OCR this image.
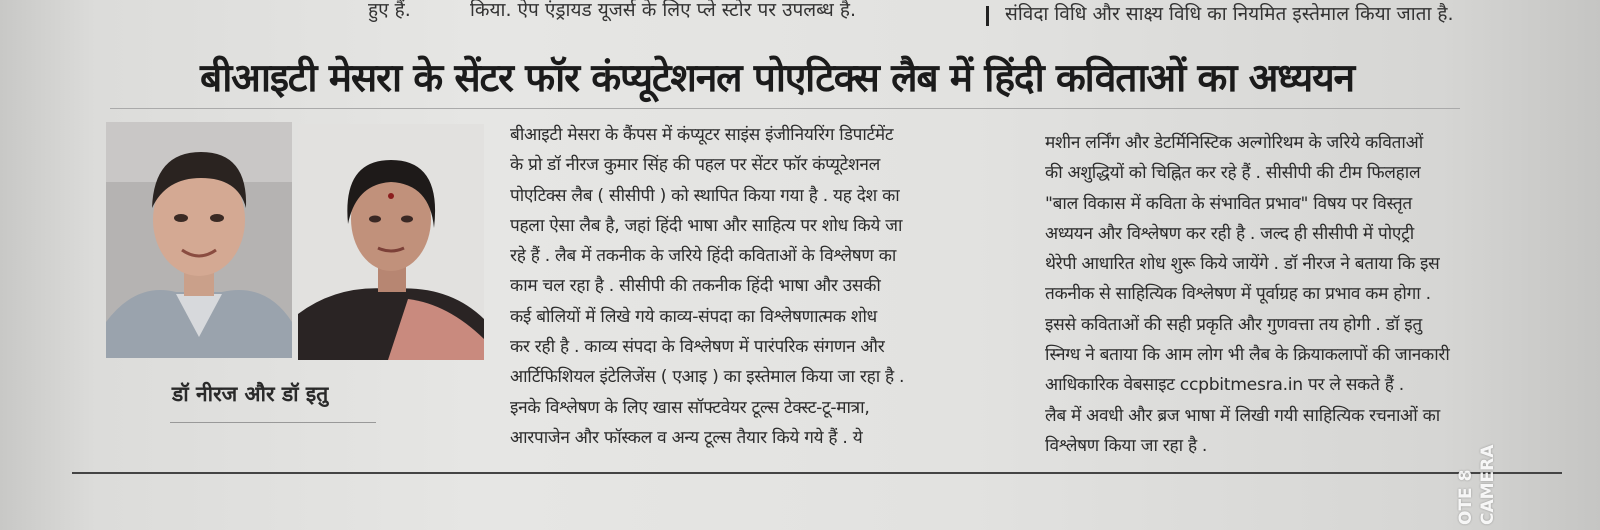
हुए हैं.	किया. ऐप एंड्रायड यूजर्स के लिए प्ले स्टोर पर उपलब्ध है.	संविदा विधि और साक्ष्य विधि का नियमित इस्तेमाल किया जाता है.
बीआइटी मेसरा के सेंटर फॉर कंप्यूटेशनल पोएटिक्स लैब में हिंदी कविताओं का अध्ययन
डॉ नीरज और डॉ इतु
बीआइटी मेसरा के कैंपस में कंप्यूटर साइंस इंजीनियरिंग डिपार्टमेंट
के प्रो डॉ नीरज कुमार सिंह की पहल पर सेंटर फॉर कंप्यूटेशनल
पोएटिक्स लैब ( सीसीपी ) को स्थापित किया गया है . यह देश का
पहला ऐसा लैब है, जहां हिंदी भाषा और साहित्य पर शोध किये जा
रहे हैं . लैब में तकनीक के जरिये हिंदी कविताओं के विश्लेषण का
काम चल रहा है . सीसीपी की तकनीक हिंदी भाषा और उसकी
कई बोलियों में लिखे गये काव्य-संपदा का विश्लेषणात्मक शोध
कर रही है . काव्य संपदा के विश्लेषण में पारंपरिक संगणन और
आर्टिफिशियल इंटेलिजेंस ( एआइ ) का इस्तेमाल किया जा रहा है .
इनके विश्लेषण के लिए खास सॉफ्टवेयर टूल्स टेक्स्ट-टू-मात्रा,
आरपाजेन और फॉस्कल व अन्य टूल्स तैयार किये गये हैं . ये
मशीन लर्निंग और डेटर्मिनिस्टिक अल्गोरिथम के जरिये कविताओं
की अशुद्धियों को चिह्नित कर रहे हैं . सीसीपी की टीम फिलहाल
"बाल विकास में कविता के संभावित प्रभाव" विषय पर विस्तृत
अध्ययन और विश्लेषण कर रही है . जल्द ही सीसीपी में पोएट्री
थेरेपी आधारित शोध शुरू किये जायेंगे . डॉ नीरज ने बताया कि इस
तकनीक से साहित्यिक विश्लेषण में पूर्वाग्रह का प्रभाव कम होगा .
इससे कविताओं की सही प्रकृति और गुणवत्ता तय होगी . डॉ इतु
स्निग्ध ने बताया कि आम लोग भी लैब के क्रियाकलापों की जानकारी
आधिकारिक वेबसाइट ccpbitmesra.in पर ले सकते हैं .
लैब में अवधी और ब्रज भाषा में लिखी गयी साहित्यिक रचनाओं का
विश्लेषण किया जा रहा है .
OTE 8 CAMERA
